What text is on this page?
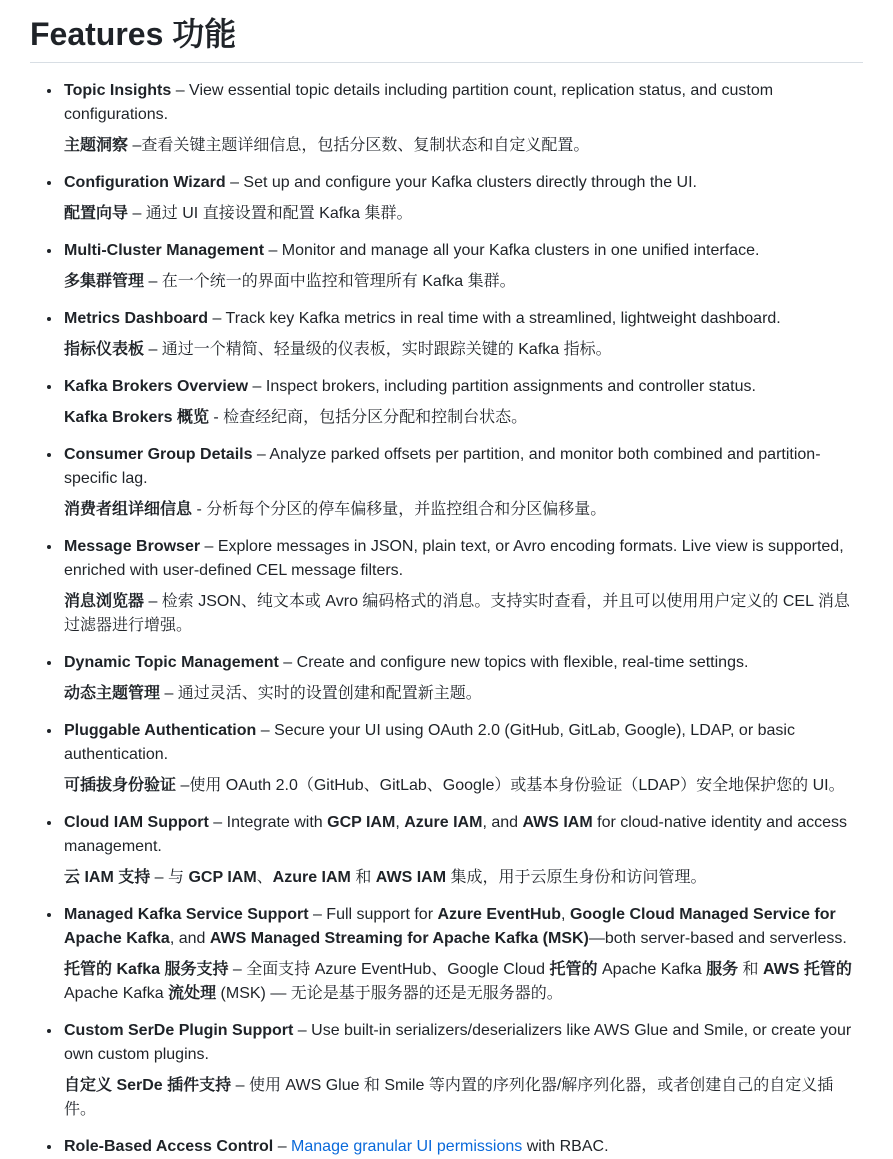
Features 功能

• Topic Insights – View essential topic details including partition count, replication status, and custom configurations.

主题洞察 –查看关键主题详细信息，包括分区数、复制状态和自定义配置。

• Configuration Wizard – Set up and configure your Kafka clusters directly through the UI.

配置向导 – 通过 UI 直接设置和配置 Kafka 集群。

• Multi-Cluster Management – Monitor and manage all your Kafka clusters in one unified interface.

多集群管理 – 在一个统一的界面中监控和管理所有 Kafka 集群。

• Metrics Dashboard – Track key Kafka metrics in real time with a streamlined, lightweight dashboard.

指标仪表板 – 通过一个精简、轻量级的仪表板，实时跟踪关键的 Kafka 指标。

• Kafka Brokers Overview – Inspect brokers, including partition assignments and controller status.

Kafka Brokers 概览 - 检查经纪商，包括分区分配和控制台状态。

• Consumer Group Details – Analyze parked offsets per partition, and monitor both combined and partition-specific lag.

消费者组详细信息 - 分析每个分区的停车偏移量，并监控组合和分区偏移量。

• Message Browser – Explore messages in JSON, plain text, or Avro encoding formats. Live view is supported, enriched with user-defined CEL message filters.

消息浏览器 – 检索 JSON、纯文本或 Avro 编码格式的消息。支持实时查看，并且可以使用用户定义的 CEL 消息过滤器进行增强。

• Dynamic Topic Management – Create and configure new topics with flexible, real-time settings.

动态主题管理 – 通过灵活、实时的设置创建和配置新主题。

• Pluggable Authentication – Secure your UI using OAuth 2.0 (GitHub, GitLab, Google), LDAP, or basic authentication.

可插拔身份验证 –使用 OAuth 2.0（GitHub、GitLab、Google）或基本身份验证（LDAP）安全地保护您的 UI。

• Cloud IAM Support – Integrate with GCP IAM, Azure IAM, and AWS IAM for cloud-native identity and access management.

云 IAM 支持 – 与 GCP IAM、Azure IAM 和 AWS IAM 集成，用于云原生身份和访问管理。

• Managed Kafka Service Support – Full support for Azure EventHub, Google Cloud Managed Service for Apache Kafka, and AWS Managed Streaming for Apache Kafka (MSK)—both server-based and serverless.

托管的 Kafka 服务支持 – 全面支持 Azure EventHub、Google Cloud 托管的 Apache Kafka 服务 和 AWS 托管的 Apache Kafka 流处理 (MSK) — 无论是基于服务器的还是无服务器的。

• Custom SerDe Plugin Support – Use built-in serializers/deserializers like AWS Glue and Smile, or create your own custom plugins.

自定义 SerDe 插件支持 – 使用 AWS Glue 和 Smile 等内置的序列化器/解序列化器，或者创建自己的自定义插件。

• Role-Based Access Control – Manage granular UI permissions with RBAC.
